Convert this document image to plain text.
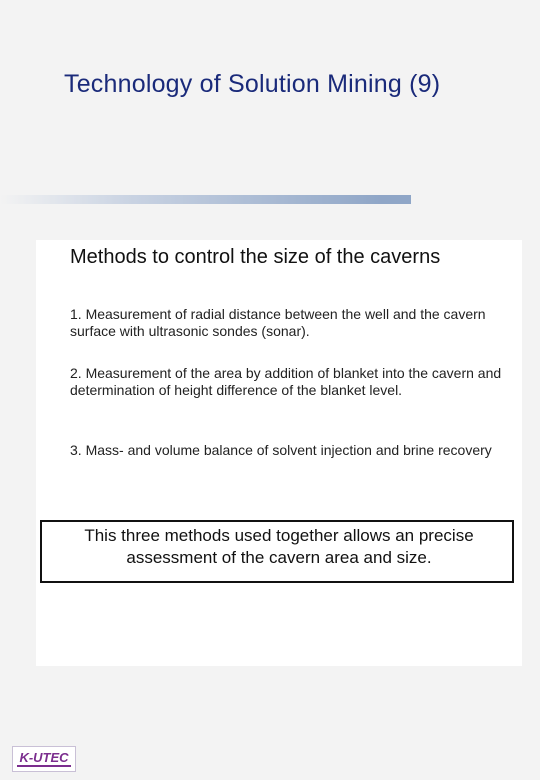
Technology of Solution Mining (9)
Methods to control the size of the caverns
1. Measurement of radial distance between the well and the cavern surface with ultrasonic sondes (sonar).
2. Measurement of the area by addition of blanket into the cavern and determination of height difference of the blanket level.
3. Mass- and volume balance of solvent injection and brine recovery
This three methods used together allows an precise assessment of the cavern area and size.
K-UTEC
